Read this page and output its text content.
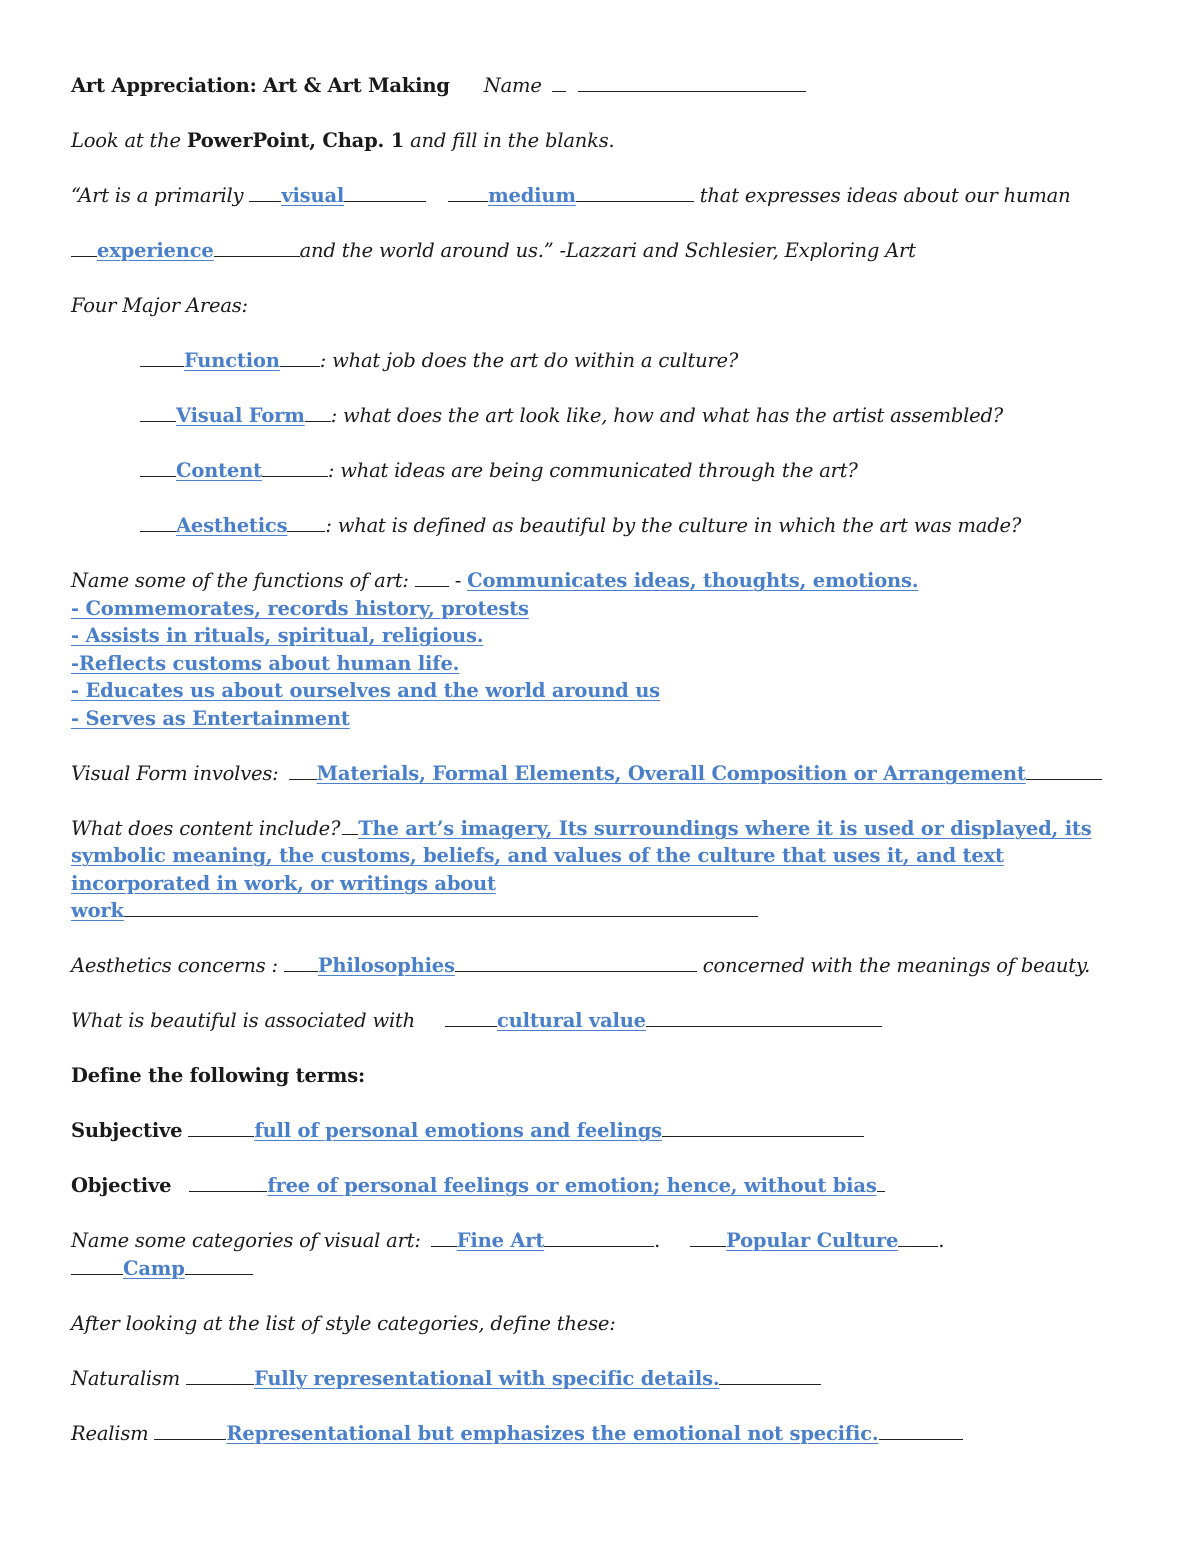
Art Appreciation: Art & Art Making Name
Look at the PowerPoint, Chap. 1 and fill in the blanks.
“Art is a primarily visual	medium	that expresses ideas about our human
experience	and the world around us.” -Lazzari and Schlesier, Exploring Art
Four Major Areas:
Function : what job does the art do within a culture?
Visual Form : what does the art look like, how and what has the artist assembled?
Content	: what ideas are being communicated through the art?
Aesthetics : what is defined as beautiful by the culture in which the art was made?
Name some of the functions of art: - Communicates ideas, thoughts, emotions.
- Commemorates, records history, protests
- Assists in rituals, spiritual, religious.
-Reflects customs about human life.
- Educates us about ourselves and the world around us
- Serves as Entertainment
Visual Form involves: Materials, Formal Elements, Overall Composition or Arrangement
What does content include? The art’s imagery, Its surroundings where it is used or displayed, its
symbolic meaning, the customs, beliefs, and values of the culture that uses it, and text
incorporated in work, or writings about
work
Aesthetics concerns : Philosophies	concerned with the meanings of beauty.
What is beautiful is associated with	cultural value
Define the following terms:
Subjective	full of personal emotions and feelings
Objective	free of personal feelings or emotion; hence, without bias
Name some categories of visual art: Fine Art	.	Popular Culture .
Camp
After looking at the list of style categories, define these:
Naturalism	Fully representational with specific details.
Realism	Representational but emphasizes the emotional not specific.
